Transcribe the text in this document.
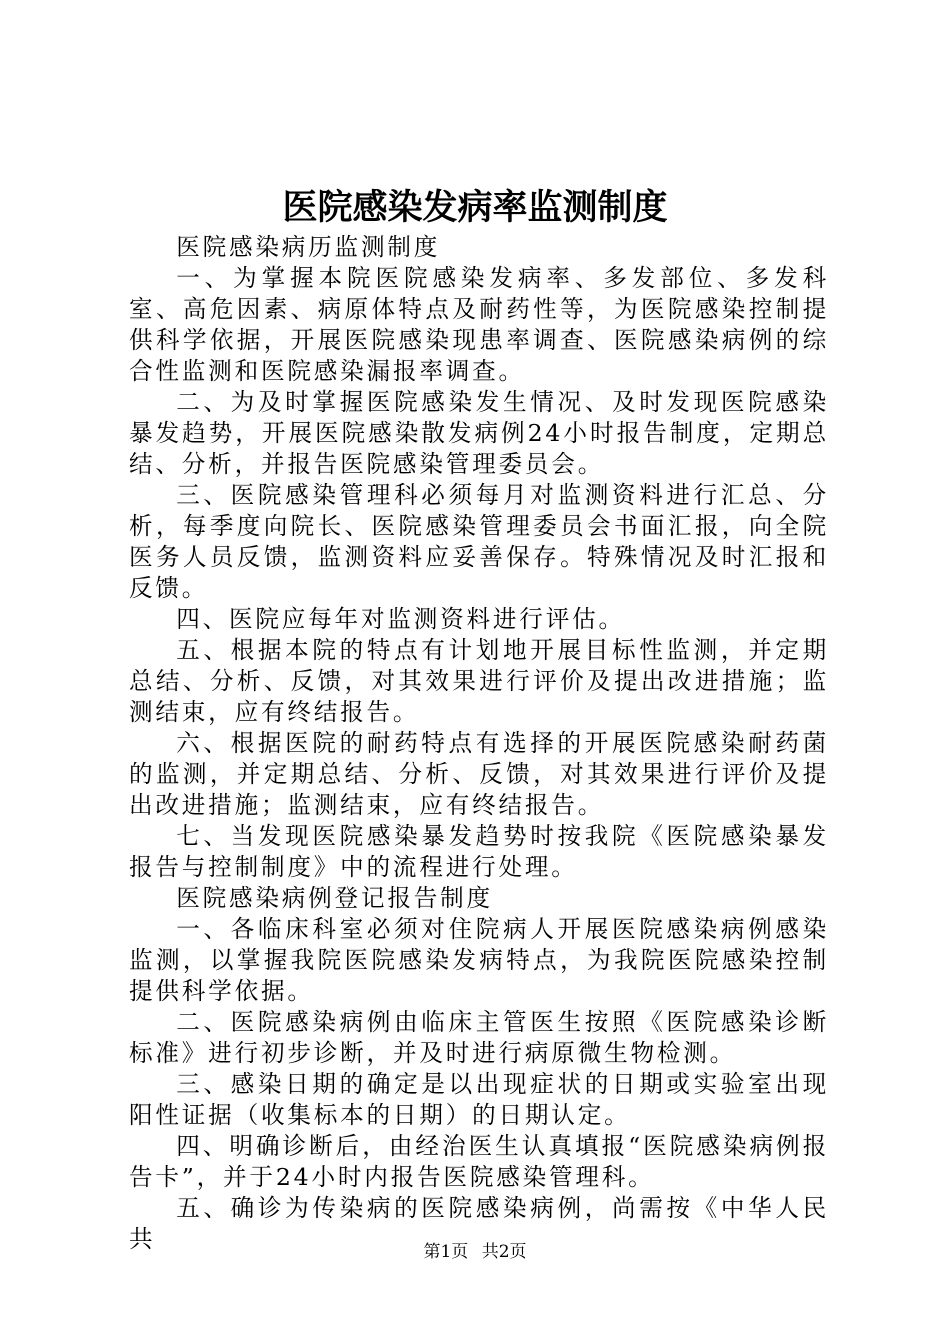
医院感染发病率监测制度

医院感染病历监测制度

一、为掌握本院医院感染发病率、多发部位、多发科室、高危因素、病原体特点及耐药性等，为医院感染控制提供科学依据，开展医院感染现患率调查、医院感染病例的综合性监测和医院感染漏报率调查。

二、为及时掌握医院感染发生情况、及时发现医院感染暴发趋势，开展医院感染散发病例24小时报告制度，定期总结、分析，并报告医院感染管理委员会。

三、医院感染管理科必须每月对监测资料进行汇总、分析，每季度向院长、医院感染管理委员会书面汇报，向全院医务人员反馈，监测资料应妥善保存。特殊情况及时汇报和反馈。

四、医院应每年对监测资料进行评估。

五、根据本院的特点有计划地开展目标性监测，并定期总结、分析、反馈，对其效果进行评价及提出改进措施；监测结束，应有终结报告。

六、根据医院的耐药特点有选择的开展医院感染耐药菌的监测，并定期总结、分析、反馈，对其效果进行评价及提出改进措施；监测结束，应有终结报告。

七、当发现医院感染暴发趋势时按我院《医院感染暴发报告与控制制度》中的流程进行处理。

医院感染病例登记报告制度

一、各临床科室必须对住院病人开展医院感染病例感染监测，以掌握我院医院感染发病特点，为我院医院感染控制提供科学依据。

二、医院感染病例由临床主管医生按照《医院感染诊断标准》进行初步诊断，并及时进行病原微生物检测。

三、感染日期的确定是以出现症状的日期或实验室出现阳性证据（收集标本的日期）的日期认定。

四、明确诊断后，由经治医生认真填报“医院感染病例报告卡”，并于24小时内报告医院感染管理科。

五、确诊为传染病的医院感染病例，尚需按《中华人民共	第1页 共2页
